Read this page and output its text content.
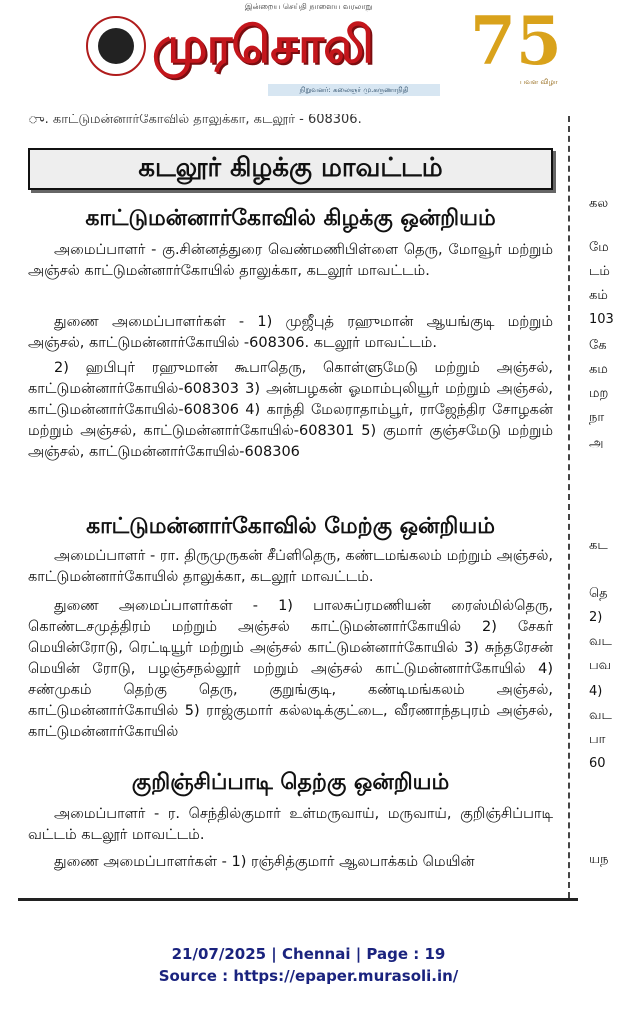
இன்றைய செய்தி நாளைய வரலாறு
முரசொலி 75
பவள விழா
நிறுவனர்: கலைஞர் மு.கருணாநிதி
ு. காட்டுமன்னார்கோவில் தாலுக்கா, கடலூர் - 608306.
கடலூர் கிழக்கு மாவட்டம்
காட்டுமன்னார்கோவில் கிழக்கு ஒன்றியம்

அமைப்பாளர் - கு.சின்னத்துரை வெண்மணிபிள்ளை தெரு, மோவூர் மற்றும் அஞ்சல் காட்டுமன்னார்கோயில் தாலுக்கா, கடலூர் மாவட்டம்.

துணை அமைப்பாளர்கள் - 1) முஜீபுத் ரஹுமான் ஆயங்குடி மற்றும் அஞ்சல், காட்டுமன்னார்கோயில் -608306. கடலூர் மாவட்டம்.

2) ஹபிபுர் ரஹுமான் கூபாதெரு, கொள்ளுமேடு மற்றும் அஞ்சல், காட்டுமன்னார்கோயில்-608303 3) அன்பழகன் ஓமாம்புலியூர் மற்றும் அஞ்சல், காட்டுமன்னார்கோயில்-608306 4) காந்தி மேலராதாம்பூர், ராஜேந்திர சோழகன் மற்றும் அஞ்சல், காட்டுமன்னார்கோயில்-608301 5) குமார் குஞ்சமேடு மற்றும் அஞ்சல், காட்டுமன்னார்கோயில்-608306

காட்டுமன்னார்கோவில் மேற்கு ஒன்றியம்

அமைப்பாளர் - ரா. திருமுருகன் சீப்ளிதெரு, கண்டமங்கலம் மற்றும் அஞ்சல், காட்டுமன்னார்கோயில் தாலுக்கா, கடலூர் மாவட்டம்.

துணை அமைப்பாளர்கள் - 1) பாலசுப்ரமணியன் ரைஸ்மில்தெரு, கொண்டசமுத்திரம் மற்றும் அஞ்சல் காட்டுமன்னார்கோயில் 2) சேகர் மெயின்ரோடு, ரெட்டியூர் மற்றும் அஞ்சல் காட்டுமன்னார்கோயில் 3) சுந்தரேசன் மெயின் ரோடு, பழஞ்சநல்லூர் மற்றும் அஞ்சல் காட்டுமன்னார்கோயில் 4) சண்முகம் தெற்கு தெரு, குறுங்குடி, கண்டிமங்கலம் அஞ்சல், காட்டுமன்னார்கோயில் 5) ராஜ்குமார் கல்லடிக்குட்டை, வீரணாந்தபுரம் அஞ்சல், காட்டுமன்னார்கோயில்

குறிஞ்சிப்பாடி தெற்கு ஒன்றியம்

அமைப்பாளர் - ர. செந்தில்குமார் உள்மருவாய், மருவாய், குறிஞ்சிப்பாடி வட்டம் கடலூர் மாவட்டம்.

துணை அமைப்பாளர்கள் - 1) ரஞ்சித்குமார் ஆலபாக்கம் மெயின்

கல
மே
டம்
கம்
103
கே
கம
மற
நா
அ
கட
தெ
2)
வட
பவ
4)
வட
பா
60
யந
21/07/2025 | Chennai | Page : 19
Source : https://epaper.murasoli.in/
